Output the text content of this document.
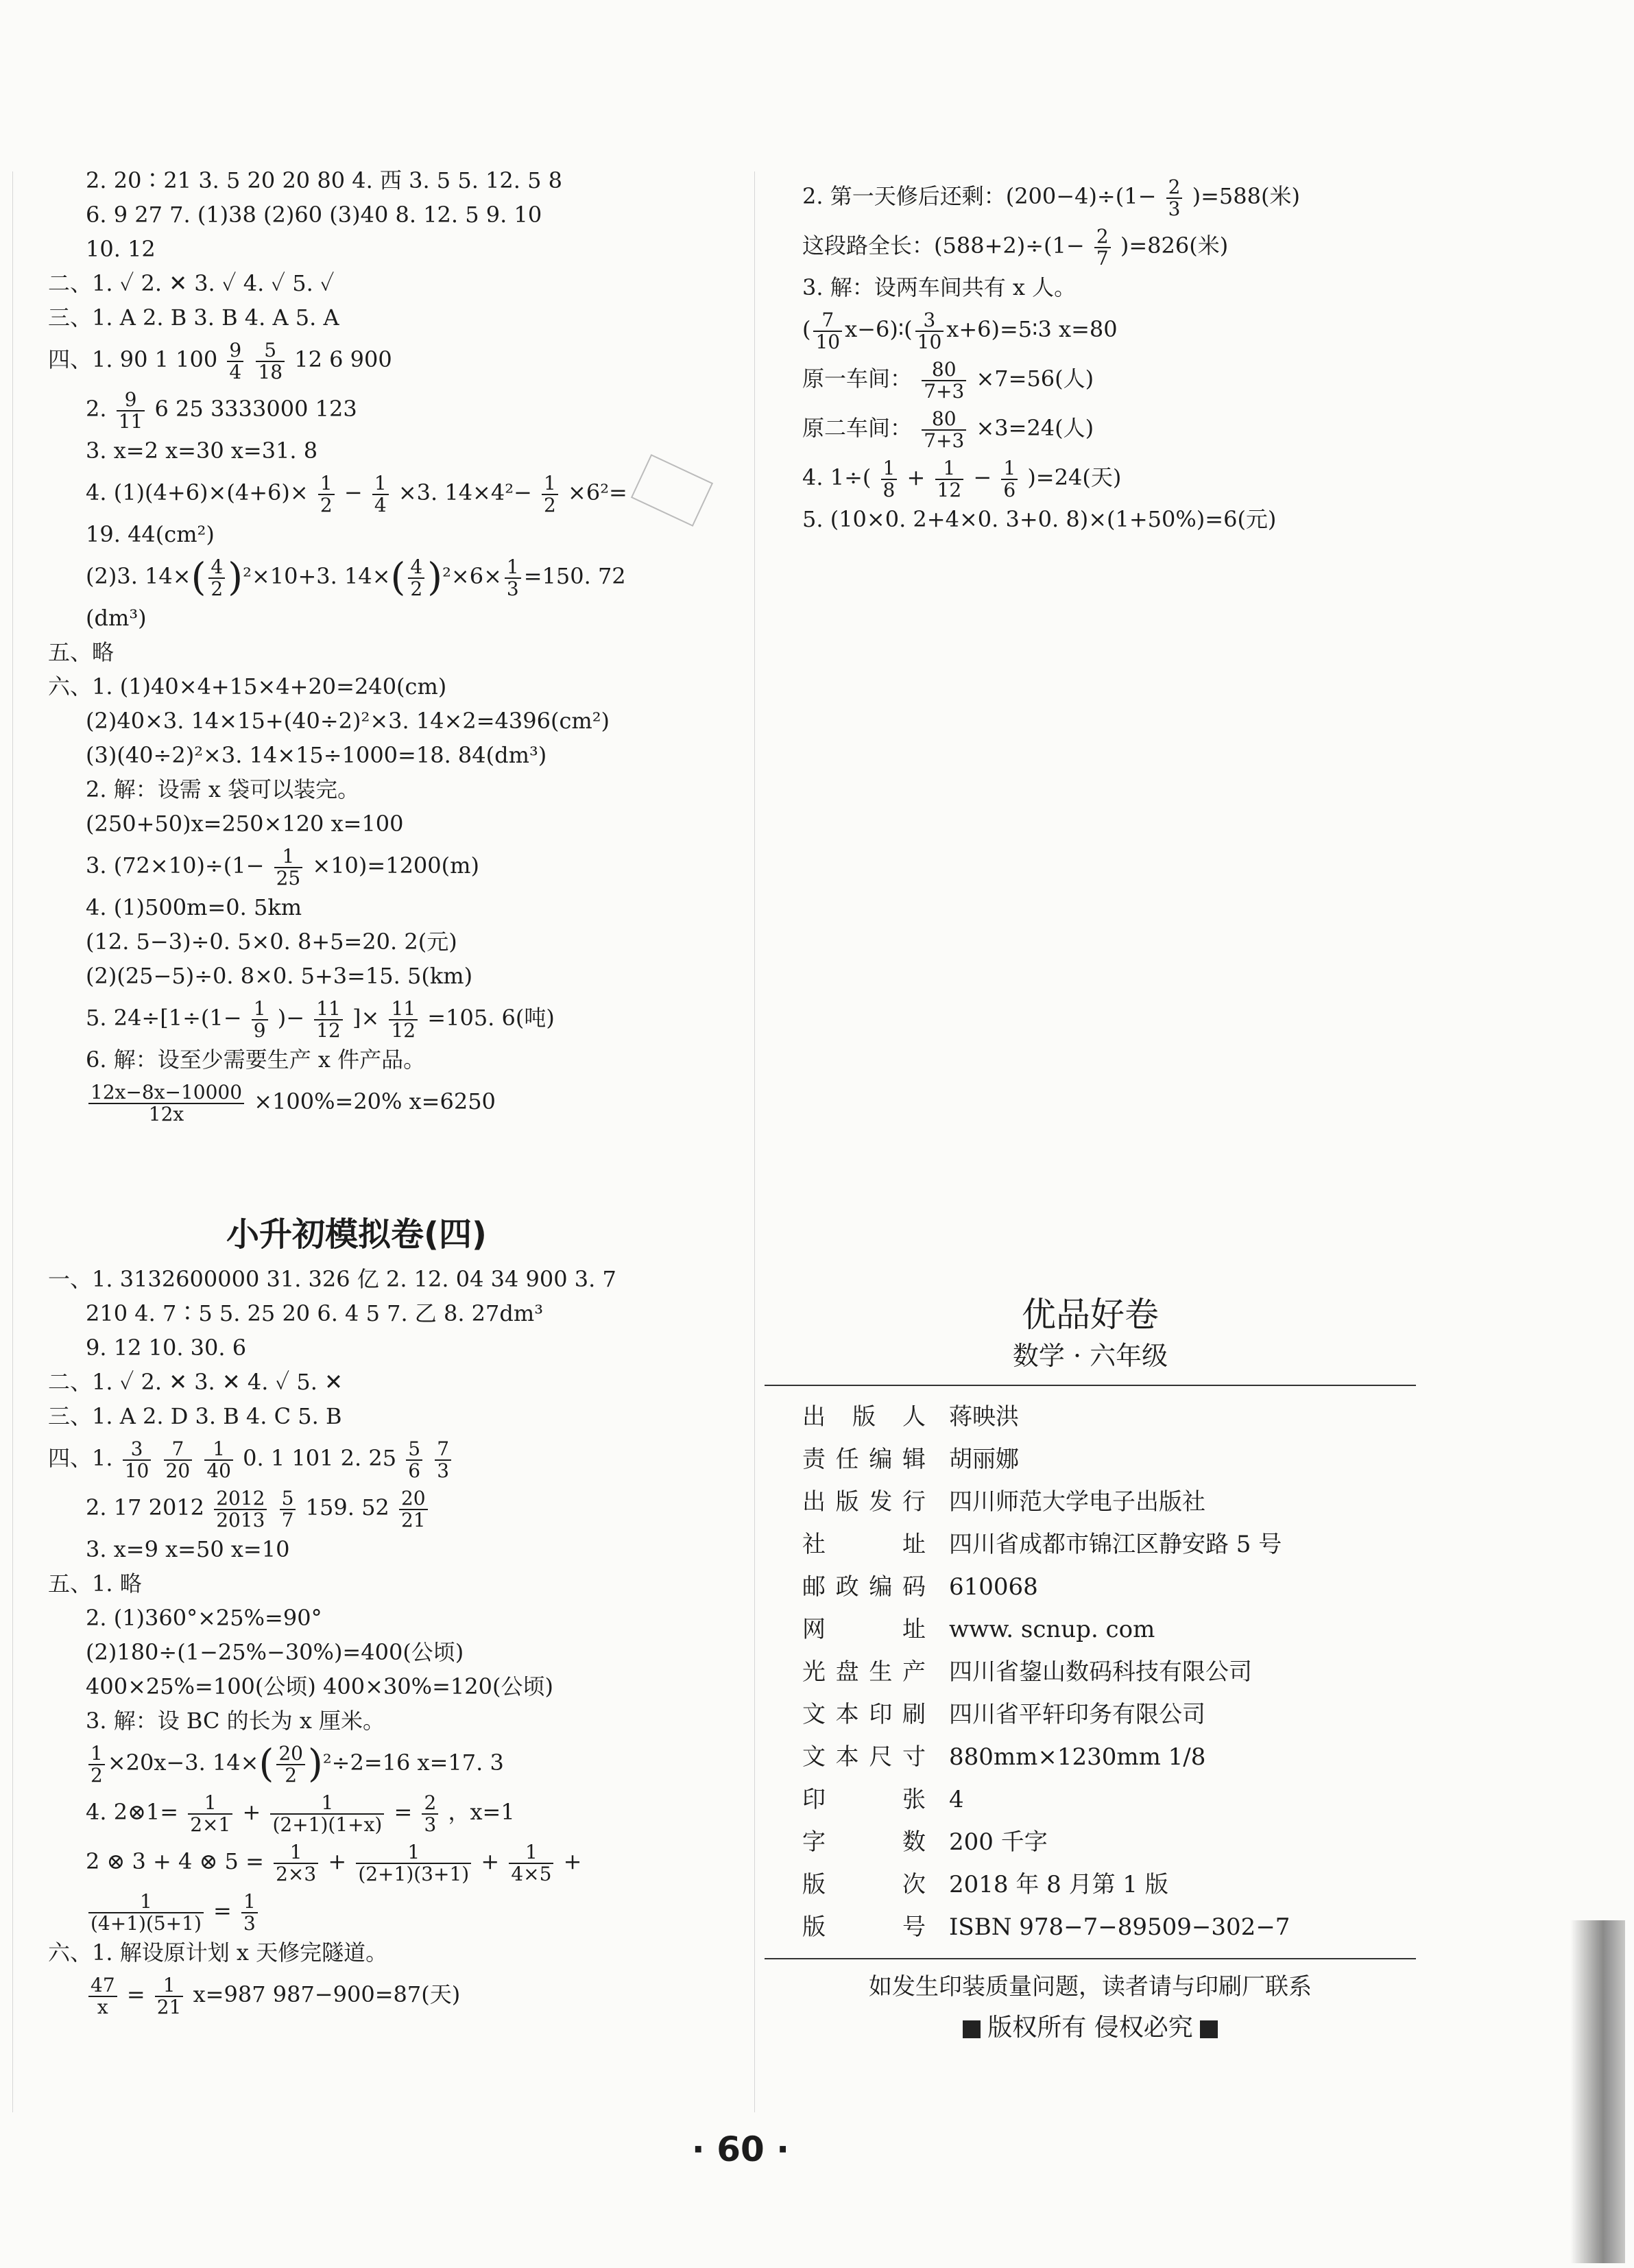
2. 20∶21 3. 5 20 20 80 4. 西 3. 5 5. 12. 5 8

6. 9 27 7. (1)38 (2)60 (3)40 8. 12. 5 9. 10

10. 12

二、1. ✓ 2. ✕ 3. ✓ 4. ✓ 5. ✓

三、1. A 2. B 3. B 4. A 5. A

四、1. 90 1 $100 \frac{9}{4}$
$\frac{5}{18} 12$ 6 900

2. $\frac{9}{11} 6$ 25 3333000 123

3. x=2 x=30 x=31. 8

4. $(1)(4+6)\times(4+6)\times \frac{1}{2} - \frac{1}{4} \times 3$. $14\times 4^2- \frac{1}{2} \times 6^2=$

19. 44(cm²)

(2)3. $14\times( \frac{4}{2} )^2\times 10+3$. $14\times( \frac{4}{2} )^2\times 6\times \frac{1}{3} =150$. 72

(dm³)

五、略

六、1. (1)40×4+15×4+20=240(cm)

(2)40×3. 14×15+(40÷2)²×3. 14×2=4396(cm²)

(3)(40÷2)²×3. 14×15÷1000=18. 84(dm³)

2. 解：设需 x 袋可以装完。

(250+50)x=250×120 x=100

3. $(72\times 10)\div(1- \frac{1}{25} \times 10)=1200(m)$

4. (1)500m=0. 5km

(12. 5−3)÷0. 5×0. 8+5=20. 2(元)

(2)(25−5)÷0. 8×0. 5+3=15. 5(km)

5. $24\div[1\div(1- \frac{1}{9}$ )− $\frac{11}{12}$ ]× $\frac{11}{12} =105$. 6(吨)

6. 解：设至少需要生产 x 件产品。

$\frac{12x-8x-10000}{12x} \times 100\%=20\%$ x=6250

小升初模拟卷(四)

一、1. 3132600000 31. 326 亿 2. 12. 04 34 900 3. 7

210 4. 7∶5 5. 25 20 6. 4 5 7. 乙 8. 27dm³

9. 12 10. 30. 6

二、1. ✓ 2. ✕ 3. ✕ 4. ✓ 5. ✕

三、1. A 2. D 3. B 4. C 5. B

四、1. $\frac{3}{10}$
$\frac{7}{20}$
$\frac{1}{40} 0$. 1 101 2. $25 \frac{5}{6}$
$\frac{7}{3}$

2. 17 $2012 \frac{2012}{2013}$
$\frac{5}{7} 159$. $52 \frac{20}{21}$

3. x=9 x=50 x=10

五、1. 略

2. (1)360°×25%=90°

(2)180÷(1−25%−30%)=400(公顷)

400×25%=100(公顷) 400×30%=120(公顷)

3. 解：设 BC 的长为 x 厘米。

$\frac{1}{2} \times 20x-3$. $14\times( \frac{20}{2} )^2\div 2=16$ x=17. 3

4. 2⊗1= $\frac{1}{2\times 1} + \frac{1}{(2+1)(1+x)} = \frac{2}{3}$ ，x=1

2 ⊗ 3 + 4 ⊗ $5 = \frac{1}{2\times 3} + \frac{1}{(2+1)(3+1)} + \frac{1}{4\times 5}$ +

$\frac{1}{(4+1)(5+1)} = \frac{1}{3}$

六、1. 解设原计划 x 天修完隧道。

$\frac{47}{x} = \frac{1}{21} x=987$ 987−900=87(天)

2. 第一天修后还剩：$(200-4)\div(1- \frac{2}{3} )=588$(米)

这段路全长：$(588+2)\div(1- \frac{2}{7} )=826$(米)

3. 解：设两车间共有 x 人。

( $\frac{7}{10}$ x−6)∶( $\frac{3}{10}$ x+6)=5∶3 x=80

原一车间： $\frac{80}{7+3} \times 7=56$(人)

原二车间： $\frac{80}{7+3} \times 3=24$(人)

4. $1\div( \frac{1}{8} + \frac{1}{12} - \frac{1}{6} )=24$(天)

5. (10×0. 2+4×0. 3+0. 8)×(1+50%)=6(元)

优品好卷
数学 · 六年级
出版人 蒋映洪
责任编辑 胡丽娜
出版发行 四川师范大学电子出版社
社址 四川省成都市锦江区静安路 5 号
邮政编码 610068
网址 www. scnup. com
光盘生产 四川省鋆山数码科技有限公司
文本印刷 四川省平轩印务有限公司
文本尺寸 880mm×1230mm 1/8
印张 4
字数 200 千字
版次 2018 年 8 月第 1 版
版号 ISBN 978−7−89509−302−7
如发生印装质量问题，读者请与印刷厂联系
版权所有 侵权必究
· 60 ·
